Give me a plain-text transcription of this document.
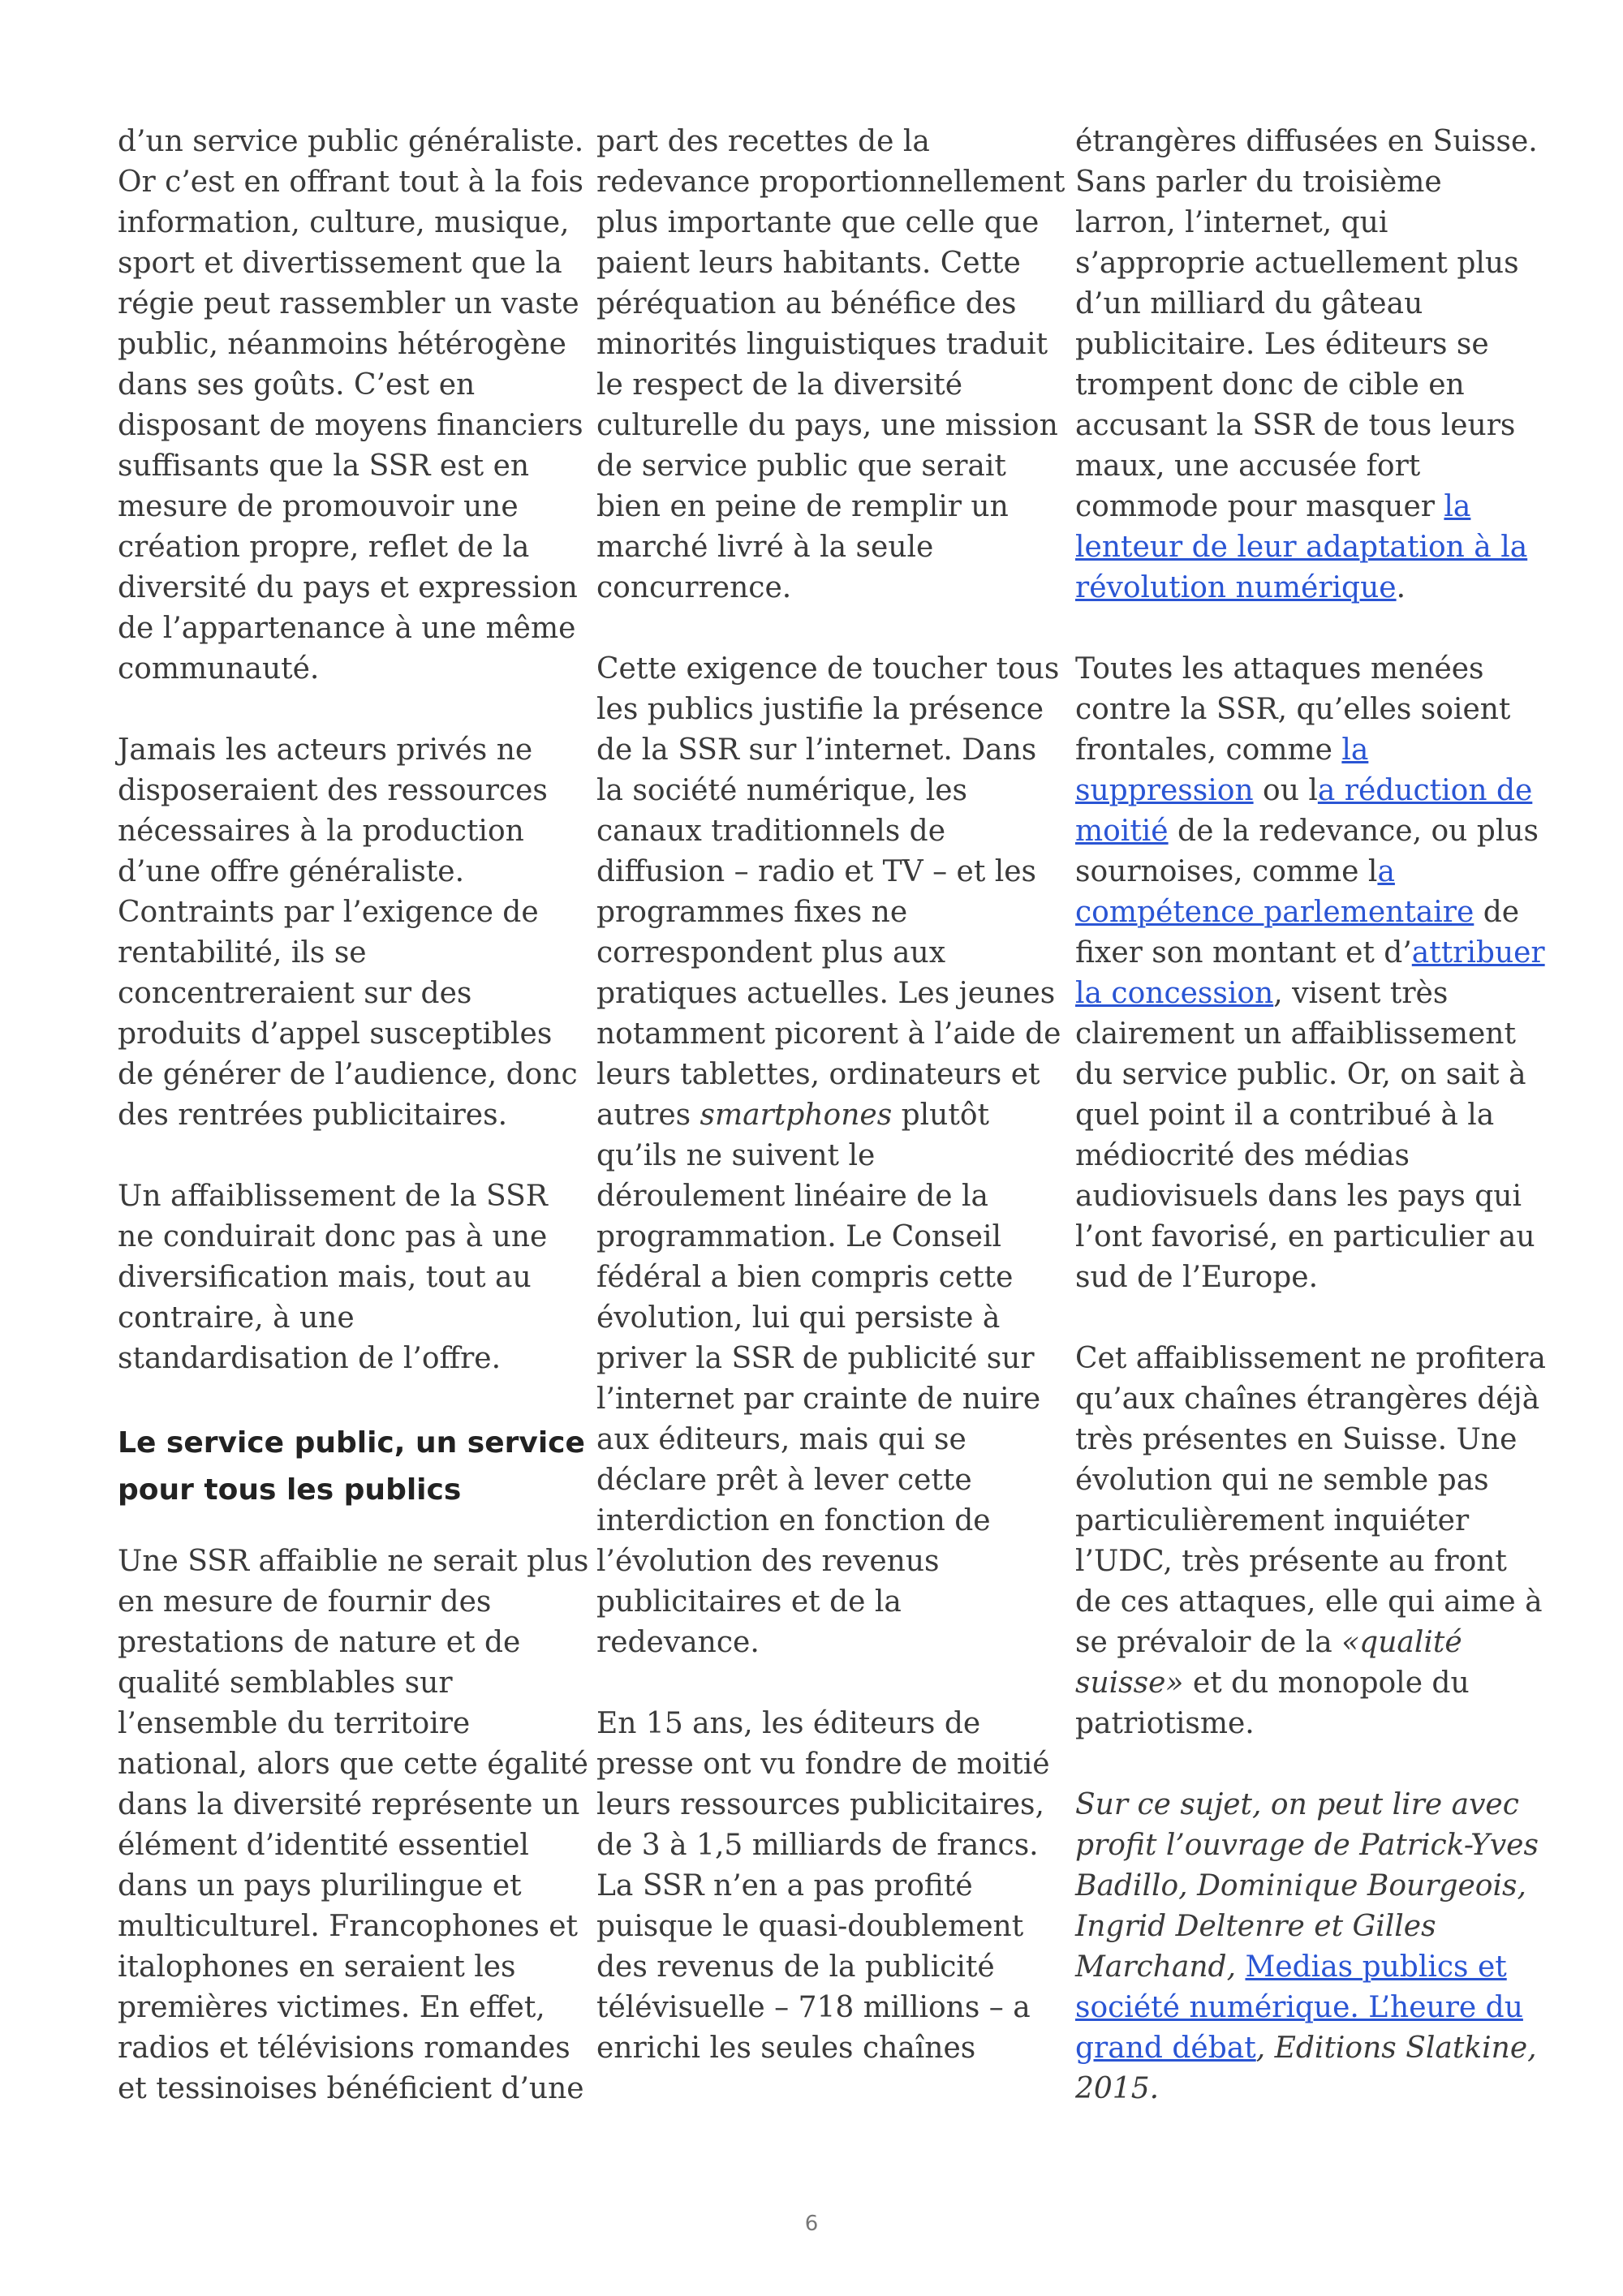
d’un service public généraliste.
Or c’est en offrant tout à la fois
information, culture, musique,
sport et divertissement que la
régie peut rassembler un vaste
public, néanmoins hétérogène
dans ses goûts. C’est en
disposant de moyens financiers
suffisants que la SSR est en
mesure de promouvoir une
création propre, reflet de la
diversité du pays et expression
de l’appartenance à une même
communauté.

Jamais les acteurs privés ne
disposeraient des ressources
nécessaires à la production
d’une offre généraliste.
Contraints par l’exigence de
rentabilité, ils se
concentreraient sur des
produits d’appel susceptibles
de générer de l’audience, donc
des rentrées publicitaires.

Un affaiblissement de la SSR
ne conduirait donc pas à une
diversification mais, tout au
contraire, à une
standardisation de l’offre.

Le service public, un service
pour tous les publics

Une SSR affaiblie ne serait plus
en mesure de fournir des
prestations de nature et de
qualité semblables sur
l’ensemble du territoire
national, alors que cette égalité
dans la diversité représente un
élément d’identité essentiel
dans un pays plurilingue et
multiculturel. Francophones et
italophones en seraient les
premières victimes. En effet,
radios et télévisions romandes
et tessinoises bénéficient d’une

part des recettes de la
redevance proportionnellement
plus importante que celle que
paient leurs habitants. Cette
péréquation au bénéfice des
minorités linguistiques traduit
le respect de la diversité
culturelle du pays, une mission
de service public que serait
bien en peine de remplir un
marché livré à la seule
concurrence.

Cette exigence de toucher tous
les publics justifie la présence
de la SSR sur l’internet. Dans
la société numérique, les
canaux traditionnels de
diffusion – radio et TV – et les
programmes fixes ne
correspondent plus aux
pratiques actuelles. Les jeunes
notamment picorent à l’aide de
leurs tablettes, ordinateurs et
autres smartphones plutôt
qu’ils ne suivent le
déroulement linéaire de la
programmation. Le Conseil
fédéral a bien compris cette
évolution, lui qui persiste à
priver la SSR de publicité sur
l’internet par crainte de nuire
aux éditeurs, mais qui se
déclare prêt à lever cette
interdiction en fonction de
l’évolution des revenus
publicitaires et de la
redevance.

En 15 ans, les éditeurs de
presse ont vu fondre de moitié
leurs ressources publicitaires,
de 3 à 1,5 milliards de francs.
La SSR n’en a pas profité
puisque le quasi-doublement
des revenus de la publicité
télévisuelle – 718 millions – a
enrichi les seules chaînes

étrangères diffusées en Suisse.
Sans parler du troisième
larron, l’internet, qui
s’approprie actuellement plus
d’un milliard du gâteau
publicitaire. Les éditeurs se
trompent donc de cible en
accusant la SSR de tous leurs
maux, une accusée fort
commode pour masquer la
lenteur de leur adaptation à la
révolution numérique.

Toutes les attaques menées
contre la SSR, qu’elles soient
frontales, comme la
suppression ou la réduction de
moitié de la redevance, ou plus
sournoises, comme la
compétence parlementaire de
fixer son montant et d’attribuer
la concession, visent très
clairement un affaiblissement
du service public. Or, on sait à
quel point il a contribué à la
médiocrité des médias
audiovisuels dans les pays qui
l’ont favorisé, en particulier au
sud de l’Europe.

Cet affaiblissement ne profitera
qu’aux chaînes étrangères déjà
très présentes en Suisse. Une
évolution qui ne semble pas
particulièrement inquiéter
l’UDC, très présente au front
de ces attaques, elle qui aime à
se prévaloir de la «qualité
suisse» et du monopole du
patriotisme.

Sur ce sujet, on peut lire avec
profit l’ouvrage de Patrick-Yves
Badillo, Dominique Bourgeois,
Ingrid Deltenre et Gilles
Marchand, Medias publics et
société numérique. L’heure du
grand débat, Editions Slatkine,
2015.

6
